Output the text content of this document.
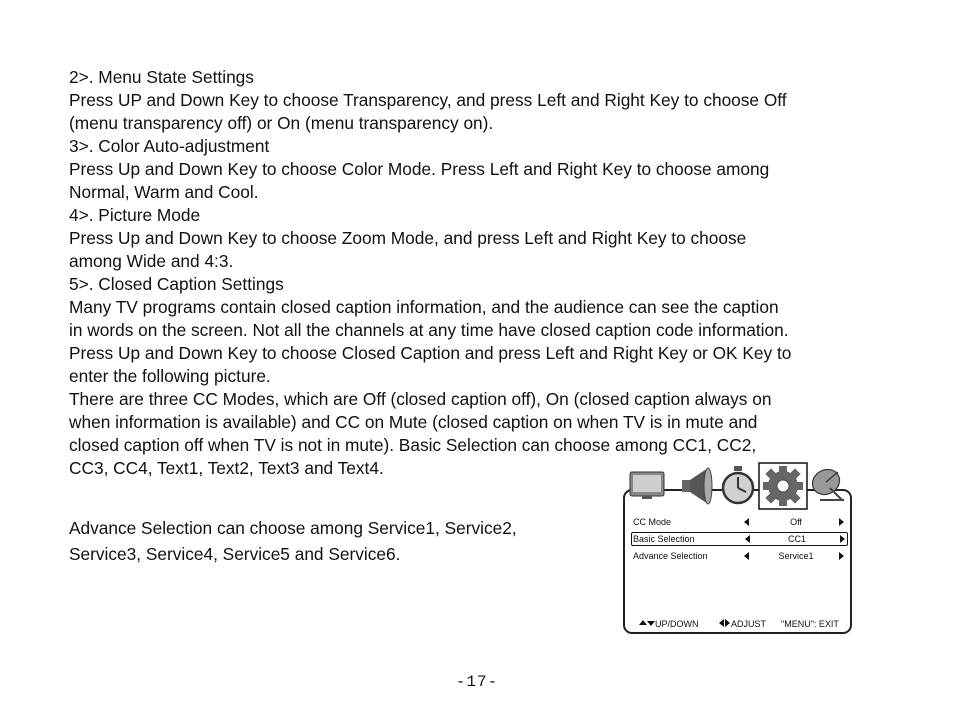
2>. Menu State Settings
Press UP and Down Key to choose Transparency, and press Left and Right Key to choose Off
(menu transparency off) or On (menu transparency on).
3>. Color Auto-adjustment
Press Up and Down Key to choose Color Mode. Press Left and Right Key to choose among
Normal, Warm and Cool.
4>. Picture Mode
Press Up and Down Key to choose Zoom Mode, and press Left and Right Key to choose
among Wide and 4:3.
5>. Closed Caption Settings
Many TV programs contain closed caption information, and the audience can see the caption
in words on the screen. Not all the channels at any time have closed caption code information.
Press Up and Down Key to choose Closed Caption and press Left and Right Key or OK Key to
enter the following picture.
There are three CC Modes, which are Off (closed caption off), On (closed caption always on
when information is available) and CC on Mute (closed caption on when TV is in mute and
closed caption off when TV is not in mute). Basic Selection can choose among CC1, CC2,
CC3, CC4, Text1, Text2, Text3 and Text4.
Advance Selection can choose among Service1, Service2,
Service3, Service4, Service5 and Service6.
CC Mode	Off
Basic Selection	CC1
Advance Selection	Service1
UP/DOWN	ADJUST "MENU": EXIT
-17-
